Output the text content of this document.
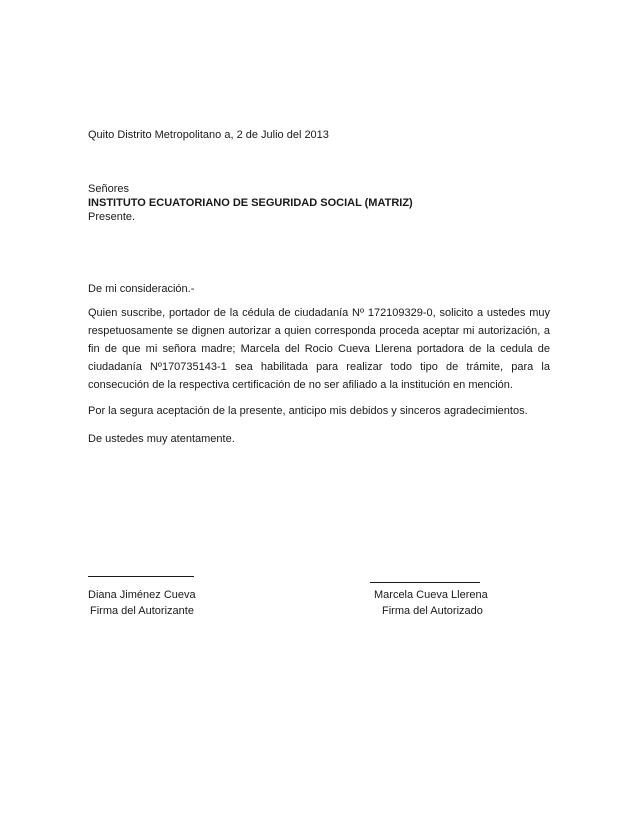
Quito Distrito Metropolitano a, 2 de Julio del 2013
Señores
INSTITUTO ECUATORIANO DE SEGURIDAD SOCIAL (MATRIZ)
Presente.
De mi consideración.-
Quien suscribe, portador de la cédula de ciudadanía Nº 172109329-0, solicito a ustedes muy respetuosamente se dignen autorizar a quien corresponda proceda aceptar mi autorización, a fin de que mi señora madre; Marcela del Rocio Cueva Llerena portadora de la cedula de ciudadanía Nº170735143-1 sea habilitada para realizar todo tipo de trámite, para la consecución de la respectiva certificación de no ser afiliado a la institución en mención.
Por la segura aceptación de la presente, anticipo mis debidos y sinceros agradecimientos.
De ustedes muy atentamente.
Diana Jiménez Cueva
Firma del Autorizante
Marcela Cueva Llerena
Firma del Autorizado
